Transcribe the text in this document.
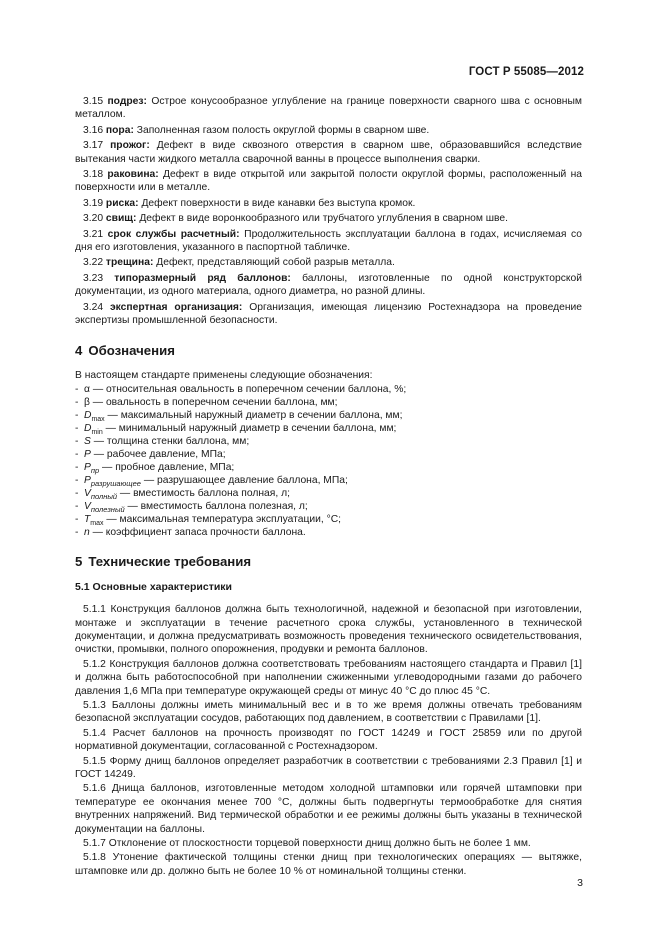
ГОСТ Р 55085—2012

3.15 подрез: Острое конусообразное углубление на границе поверхности сварного шва с основным металлом.

3.16 пора: Заполненная газом полость округлой формы в сварном шве.

3.17 прожог: Дефект в виде сквозного отверстия в сварном шве, образовавшийся вследствие вытекания части жидкого металла сварочной ванны в процессе выполнения сварки.

3.18 раковина: Дефект в виде открытой или закрытой полости округлой формы, расположенный на поверхности или в металле.

3.19 риска: Дефект поверхности в виде канавки без выступа кромок.

3.20 свищ: Дефект в виде воронкообразного или трубчатого углубления в сварном шве.

3.21 срок службы расчетный: Продолжительность эксплуатации баллона в годах, исчисляемая со дня его изготовления, указанного в паспортной табличке.

3.22 трещина: Дефект, представляющий собой разрыв металла.

3.23 типоразмерный ряд баллонов: баллоны, изготовленные по одной конструкторской документации, из одного материала, одного диаметра, но разной длины.

3.24 экспертная организация: Организация, имеющая лицензию Ростехнадзора на проведение экспертизы промышленной безопасности.

4 Обозначения

В настоящем стандарте применены следующие обозначения:

- α — относительная овальность в поперечном сечении баллона, %;

- β — овальность в поперечном сечении баллона, мм;

- $D_{max}$ — максимальный наружный диаметр в сечении баллона, мм;

- $D_{min}$ — минимальный наружный диаметр в сечении баллона, мм;

- S — толщина стенки баллона, мм;

- P — рабочее давление, МПа;

- $P_{пр}$ — пробное давление, МПа;

- $P_{разрушающее}$ — разрушающее давление баллона, МПа;

- $V_{полный}$ — вместимость баллона полная, л;

- $V_{полезный}$ — вместимость баллона полезная, л;

- $T_{max}$ — максимальная температура эксплуатации, °С;

- n — коэффициент запаса прочности баллона.

5 Технические требования
5.1 Основные характеристики

5.1.1 Конструкция баллонов должна быть технологичной, надежной и безопасной при изготовлении, монтаже и эксплуатации в течение расчетного срока службы, установленного в технической документации, и должна предусматривать возможность проведения технического освидетельствования, очистки, промывки, полного опорожнения, продувки и ремонта баллонов.

5.1.2 Конструкция баллонов должна соответствовать требованиям настоящего стандарта и Правил [1] и должна быть работоспособной при наполнении сжиженными углеводородными газами до рабочего давления 1,6 МПа при температуре окружающей среды от минус 40 °С до плюс 45 °С.

5.1.3 Баллоны должны иметь минимальный вес и в то же время должны отвечать требованиям безопасной эксплуатации сосудов, работающих под давлением, в соответствии с Правилами [1].

5.1.4 Расчет баллонов на прочность производят по ГОСТ 14249 и ГОСТ 25859 или по другой нормативной документации, согласованной с Ростехнадзором.

5.1.5 Форму днищ баллонов определяет разработчик в соответствии с требованиями 2.3 Правил [1] и ГОСТ 14249.

5.1.6 Днища баллонов, изготовленные методом холодной штамповки или горячей штамповки при температуре ее окончания менее 700 °С, должны быть подвергнуты термообработке для снятия внутренних напряжений. Вид термической обработки и ее режимы должны быть указаны в технической документации на баллоны.

5.1.7 Отклонение от плоскостности торцевой поверхности днищ должно быть не более 1 мм.

5.1.8 Утонение фактической толщины стенки днищ при технологических операциях — вытяжке, штамповке или др. должно быть не более 10 % от номинальной толщины стенки.

3
